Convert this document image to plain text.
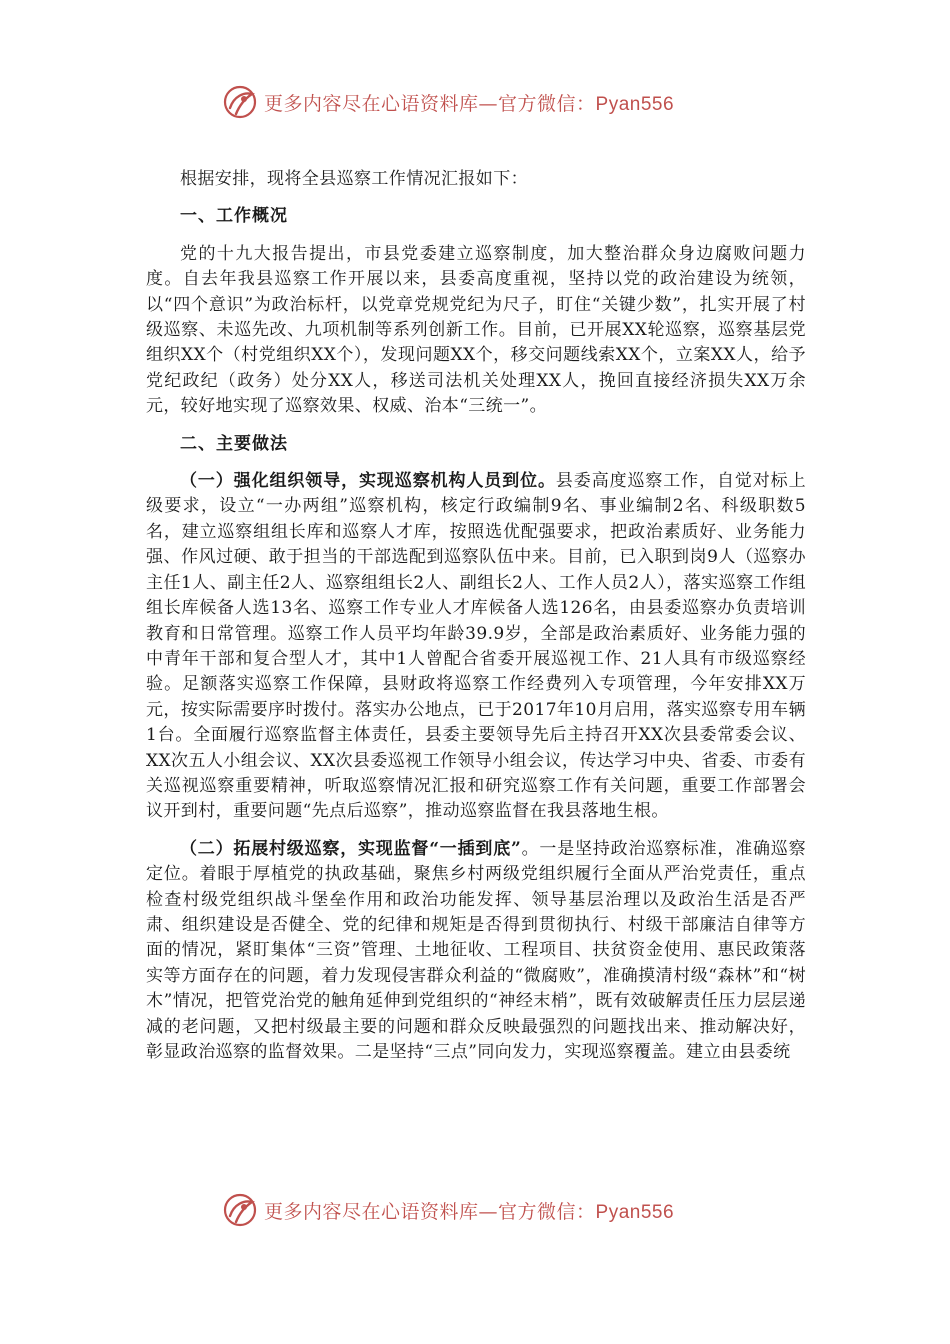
更多内容尽在心语资料库—官方微信：Pyan556

根据安排，现将全县巡察工作情况汇报如下：

一、工作概况

党的十九大报告提出，市县党委建立巡察制度，加大整治群众身边腐败问题力度。自去年我县巡察工作开展以来，县委高度重视，坚持以党的政治建设为统领，以“四个意识”为政治标杆，以党章党规党纪为尺子，盯住“关键少数”，扎实开展了村级巡察、未巡先改、九项机制等系列创新工作。目前，已开展XX轮巡察，巡察基层党组织XX个（村党组织XX个），发现问题XX个，移交问题线索XX个，立案XX人，给予党纪政纪（政务）处分XX人，移送司法机关处理XX人，挽回直接经济损失XX万余元，较好地实现了巡察效果、权威、治本“三统一”。

二、主要做法

（一）强化组织领导，实现巡察机构人员到位。县委高度巡察工作，自觉对标上级要求，设立“一办两组”巡察机构，核定行政编制9名、事业编制2名、科级职数5名，建立巡察组组长库和巡察人才库，按照选优配强要求，把政治素质好、业务能力强、作风过硬、敢于担当的干部选配到巡察队伍中来。目前，已入职到岗9人（巡察办主任1人、副主任2人、巡察组组长2人、副组长2人、工作人员2人），落实巡察工作组组长库候备人选13名、巡察工作专业人才库候备人选126名，由县委巡察办负责培训教育和日常管理。巡察工作人员平均年龄39.9岁，全部是政治素质好、业务能力强的中青年干部和复合型人才，其中1人曾配合省委开展巡视工作、21人具有市级巡察经验。足额落实巡察工作保障，县财政将巡察工作经费列入专项管理，今年安排XX万元，按实际需要序时拨付。落实办公地点，已于2017年10月启用，落实巡察专用车辆1台。全面履行巡察监督主体责任，县委主要领导先后主持召开XX次县委常委会议、XX次五人小组会议、XX次县委巡视工作领导小组会议，传达学习中央、省委、市委有关巡视巡察重要精神，听取巡察情况汇报和研究巡察工作有关问题，重要工作部署会议开到村，重要问题“先点后巡察”，推动巡察监督在我县落地生根。

（二）拓展村级巡察，实现监督“一插到底”。一是坚持政治巡察标准，准确巡察定位。着眼于厚植党的执政基础，聚焦乡村两级党组织履行全面从严治党责任，重点检查村级党组织战斗堡垒作用和政治功能发挥、领导基层治理以及政治生活是否严肃、组织建设是否健全、党的纪律和规矩是否得到贯彻执行、村级干部廉洁自律等方面的情况，紧盯集体“三资”管理、土地征收、工程项目、扶贫资金使用、惠民政策落实等方面存在的问题，着力发现侵害群众利益的“微腐败”，准确摸清村级“森林”和“树木”情况，把管党治党的触角延伸到党组织的“神经末梢”，既有效破解责任压力层层递减的老问题，又把村级最主要的问题和群众反映最强烈的问题找出来、推动解决好，彰显政治巡察的监督效果。二是坚持“三点”同向发力，实现巡察覆盖。建立由县委统

更多内容尽在心语资料库—官方微信：Pyan556
